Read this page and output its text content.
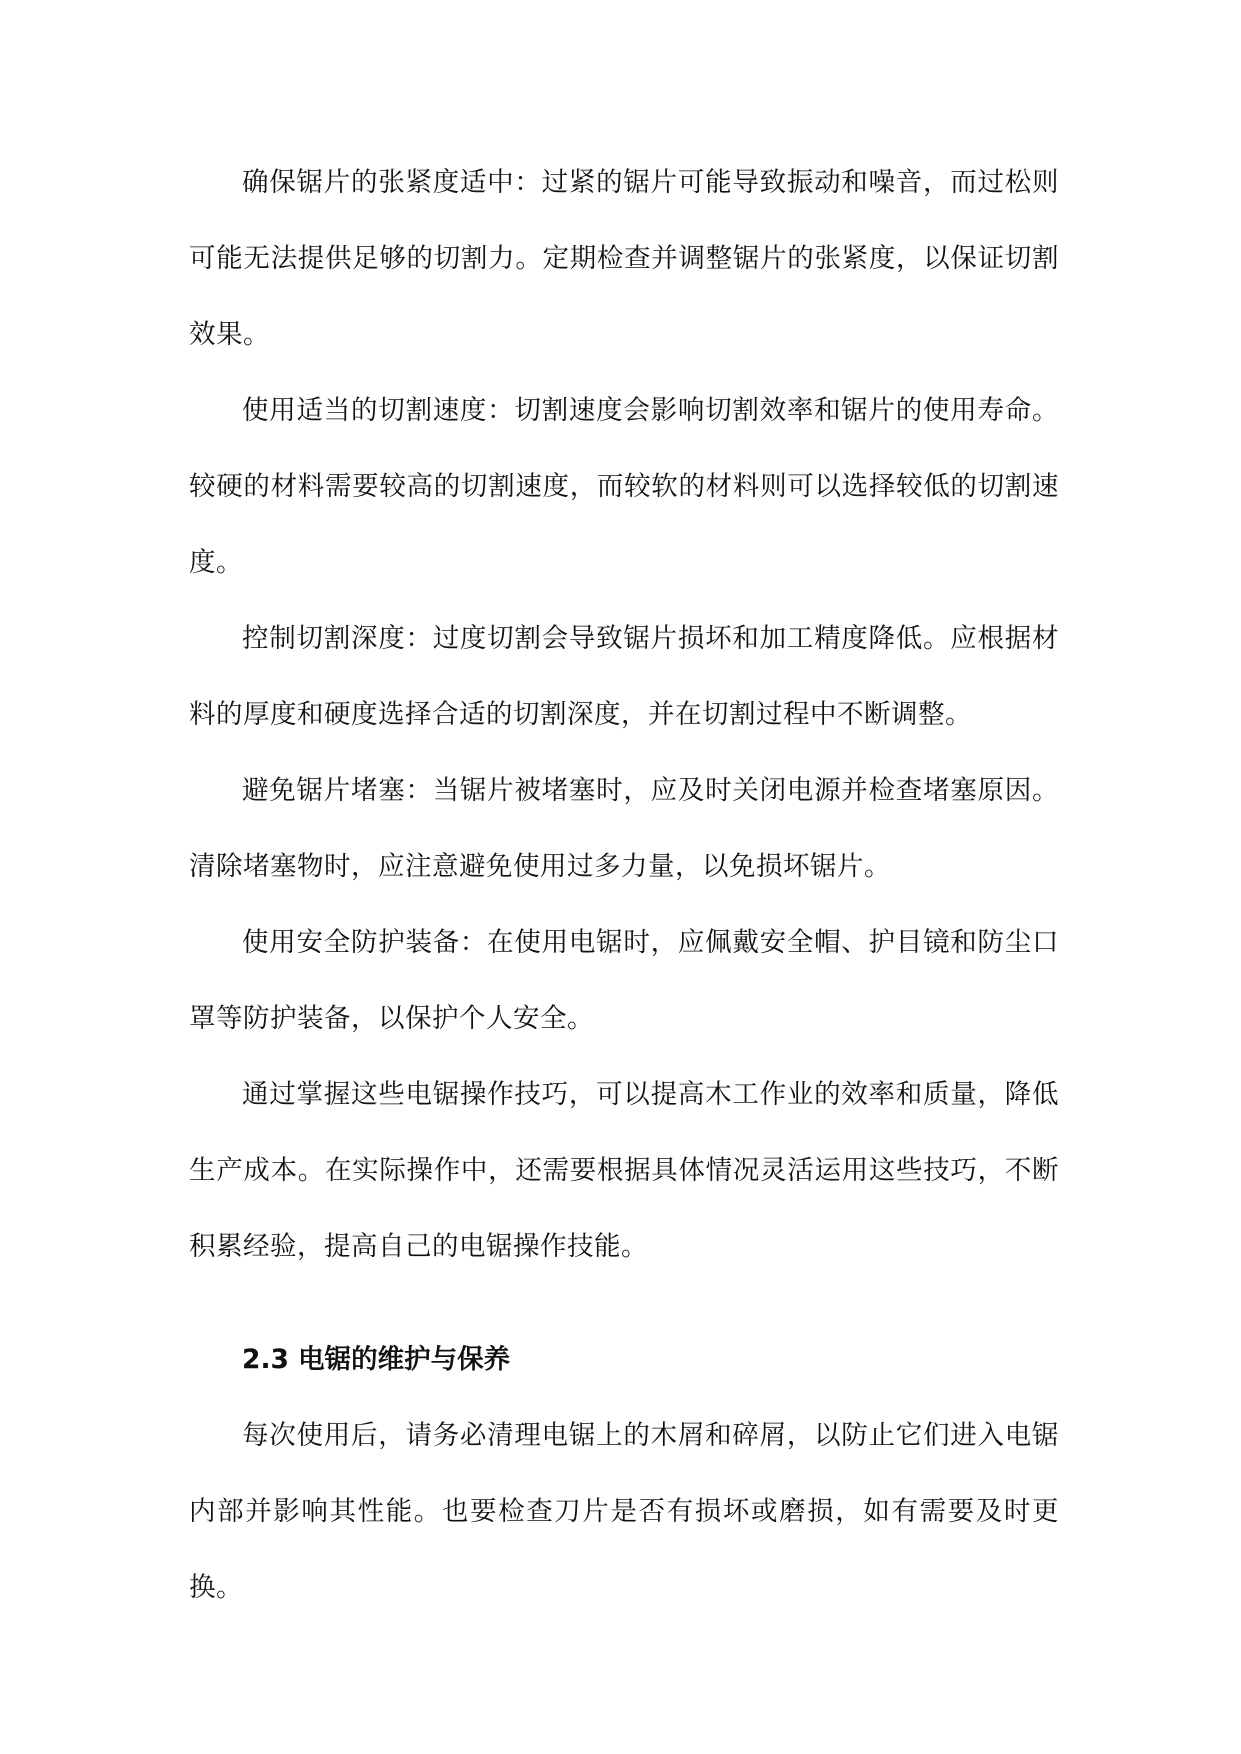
确保锯片的张紧度适中：过紧的锯片可能导致振动和噪音，而过松则可能无法提供足够的切割力。定期检查并调整锯片的张紧度，以保证切割效果。

使用适当的切割速度：切割速度会影响切割效率和锯片的使用寿命。较硬的材料需要较高的切割速度，而较软的材料则可以选择较低的切割速度。

控制切割深度：过度切割会导致锯片损坏和加工精度降低。应根据材料的厚度和硬度选择合适的切割深度，并在切割过程中不断调整。

避免锯片堵塞：当锯片被堵塞时，应及时关闭电源并检查堵塞原因。清除堵塞物时，应注意避免使用过多力量，以免损坏锯片。

使用安全防护装备：在使用电锯时，应佩戴安全帽、护目镜和防尘口罩等防护装备，以保护个人安全。

通过掌握这些电锯操作技巧，可以提高木工作业的效率和质量，降低生产成本。在实际操作中，还需要根据具体情况灵活运用这些技巧，不断积累经验，提高自己的电锯操作技能。

2.3 电锯的维护与保养

每次使用后，请务必清理电锯上的木屑和碎屑，以防止它们进入电锯内部并影响其性能。也要检查刀片是否有损坏或磨损，如有需要及时更换。
